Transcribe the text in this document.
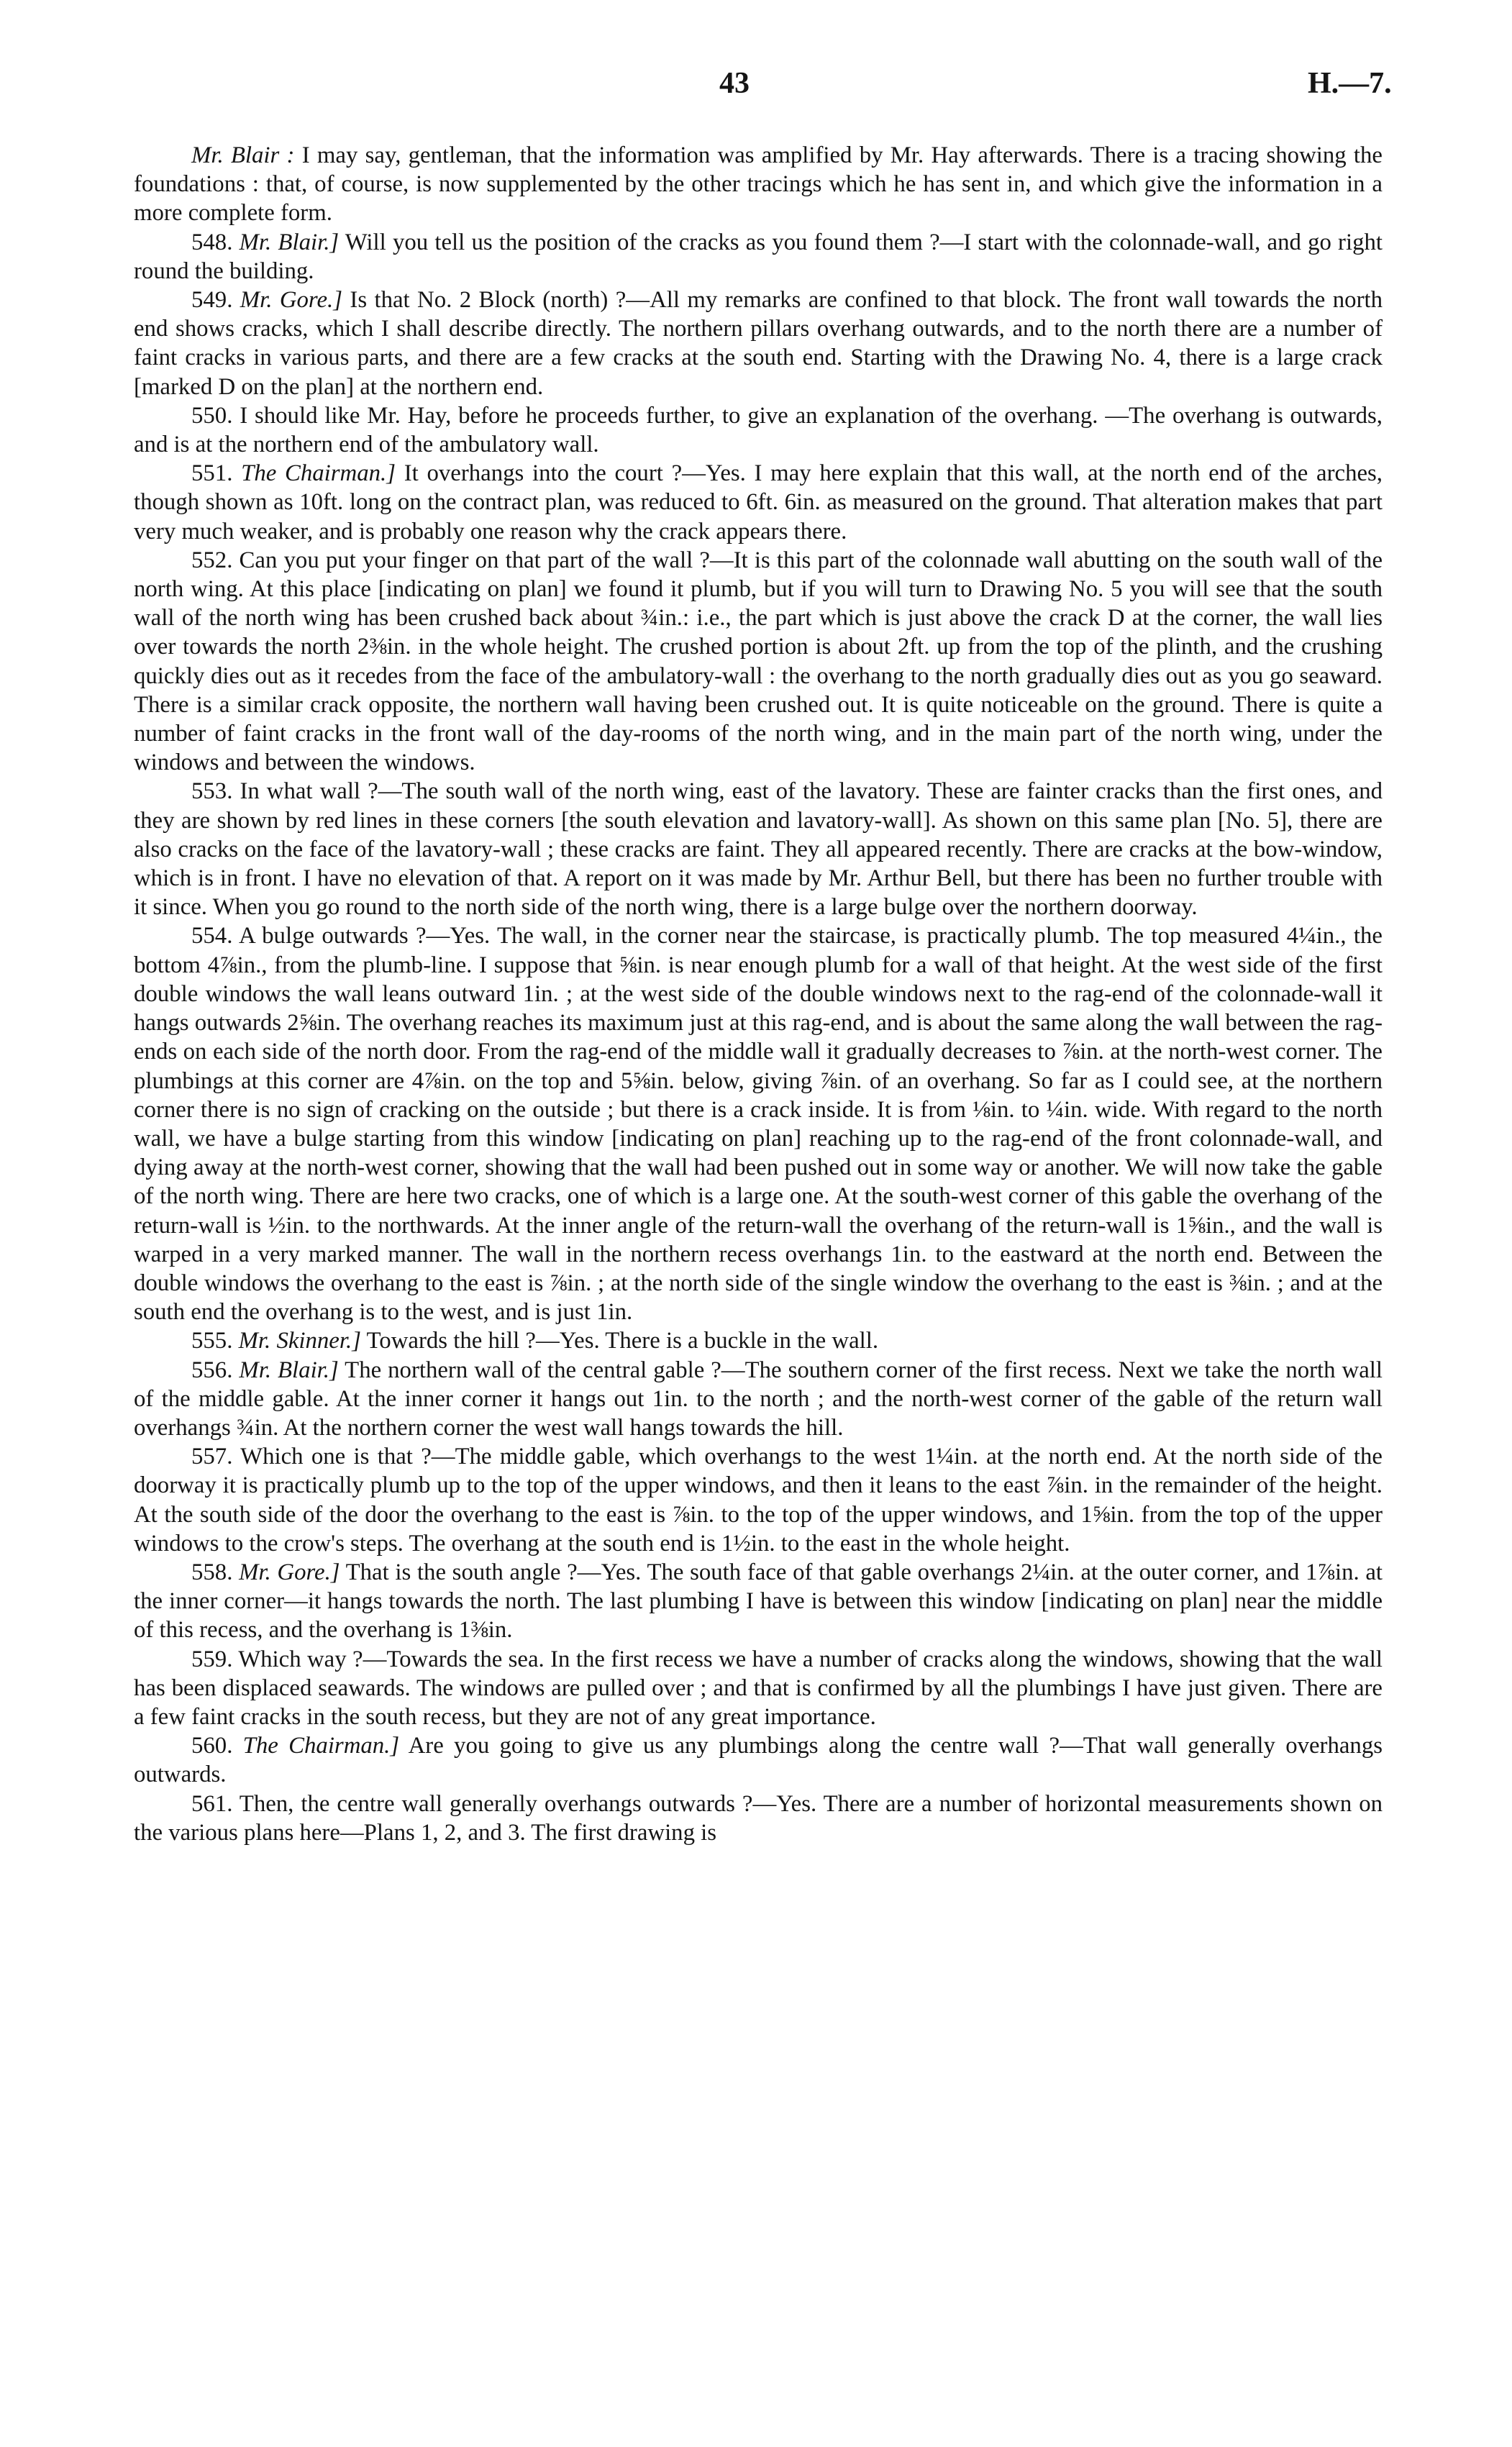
43	H.—7.

Mr. Blair : I may say, gentleman, that the information was amplified by Mr. Hay afterwards. There is a tracing showing the foundations : that, of course, is now supplemented by the other tracings which he has sent in, and which give the information in a more complete form.

548. Mr. Blair.] Will you tell us the position of the cracks as you found them ?—I start with the colonnade-wall, and go right round the building.

549. Mr. Gore.] Is that No. 2 Block (north) ?—All my remarks are confined to that block. The front wall towards the north end shows cracks, which I shall describe directly. The northern pillars overhang outwards, and to the north there are a number of faint cracks in various parts, and there are a few cracks at the south end. Starting with the Drawing No. 4, there is a large crack [marked D on the plan] at the northern end.

550. I should like Mr. Hay, before he proceeds further, to give an explanation of the overhang. —The overhang is outwards, and is at the northern end of the ambulatory wall.

551. The Chairman.] It overhangs into the court ?—Yes. I may here explain that this wall, at the north end of the arches, though shown as 10ft. long on the contract plan, was reduced to 6ft. 6in. as measured on the ground. That alteration makes that part very much weaker, and is probably one reason why the crack appears there.

552. Can you put your finger on that part of the wall ?—It is this part of the colonnade wall abutting on the south wall of the north wing. At this place [indicating on plan] we found it plumb, but if you will turn to Drawing No. 5 you will see that the south wall of the north wing has been crushed back about ¾in.: i.e., the part which is just above the crack D at the corner, the wall lies over towards the north 2⅜in. in the whole height. The crushed portion is about 2ft. up from the top of the plinth, and the crushing quickly dies out as it recedes from the face of the ambulatory-wall : the overhang to the north gradually dies out as you go seaward. There is a similar crack opposite, the northern wall having been crushed out. It is quite noticeable on the ground. There is quite a number of faint cracks in the front wall of the day-rooms of the north wing, and in the main part of the north wing, under the windows and between the windows.

553. In what wall ?—The south wall of the north wing, east of the lavatory. These are fainter cracks than the first ones, and they are shown by red lines in these corners [the south elevation and lavatory-wall]. As shown on this same plan [No. 5], there are also cracks on the face of the lavatory-wall ; these cracks are faint. They all appeared recently. There are cracks at the bow-window, which is in front. I have no elevation of that. A report on it was made by Mr. Arthur Bell, but there has been no further trouble with it since. When you go round to the north side of the north wing, there is a large bulge over the northern doorway.

554. A bulge outwards ?—Yes. The wall, in the corner near the staircase, is practically plumb. The top measured 4¼in., the bottom 4⅞in., from the plumb-line. I suppose that ⅝in. is near enough plumb for a wall of that height. At the west side of the first double windows the wall leans outward 1in. ; at the west side of the double windows next to the rag-end of the colonnade-wall it hangs outwards 2⅝in. The overhang reaches its maximum just at this rag-end, and is about the same along the wall between the rag-ends on each side of the north door. From the rag-end of the middle wall it gradually decreases to ⅞in. at the north-west corner. The plumbings at this corner are 4⅞in. on the top and 5⅝in. below, giving ⅞in. of an overhang. So far as I could see, at the northern corner there is no sign of cracking on the outside ; but there is a crack inside. It is from ⅛in. to ¼in. wide. With regard to the north wall, we have a bulge starting from this window [indicating on plan] reaching up to the rag-end of the front colonnade-wall, and dying away at the north-west corner, showing that the wall had been pushed out in some way or another. We will now take the gable of the north wing. There are here two cracks, one of which is a large one. At the south-west corner of this gable the overhang of the return-wall is ½in. to the northwards. At the inner angle of the return-wall the overhang of the return-wall is 1⅝in., and the wall is warped in a very marked manner. The wall in the northern recess overhangs 1in. to the eastward at the north end. Between the double windows the overhang to the east is ⅞in. ; at the north side of the single window the overhang to the east is ⅜in. ; and at the south end the overhang is to the west, and is just 1in.

555. Mr. Skinner.] Towards the hill ?—Yes. There is a buckle in the wall.

556. Mr. Blair.] The northern wall of the central gable ?—The southern corner of the first recess. Next we take the north wall of the middle gable. At the inner corner it hangs out 1in. to the north ; and the north-west corner of the gable of the return wall overhangs ¾in. At the northern corner the west wall hangs towards the hill.

557. Which one is that ?—The middle gable, which overhangs to the west 1¼in. at the north end. At the north side of the doorway it is practically plumb up to the top of the upper windows, and then it leans to the east ⅞in. in the remainder of the height. At the south side of the door the overhang to the east is ⅞in. to the top of the upper windows, and 1⅝in. from the top of the upper windows to the crow's steps. The overhang at the south end is 1½in. to the east in the whole height.

558. Mr. Gore.] That is the south angle ?—Yes. The south face of that gable overhangs 2¼in. at the outer corner, and 1⅞in. at the inner corner—it hangs towards the north. The last plumbing I have is between this window [indicating on plan] near the middle of this recess, and the overhang is 1⅜in.

559. Which way ?—Towards the sea. In the first recess we have a number of cracks along the windows, showing that the wall has been displaced seawards. The windows are pulled over ; and that is confirmed by all the plumbings I have just given. There are a few faint cracks in the south recess, but they are not of any great importance.

560. The Chairman.] Are you going to give us any plumbings along the centre wall ?—That wall generally overhangs outwards.

561. Then, the centre wall generally overhangs outwards ?—Yes. There are a number of horizontal measurements shown on the various plans here—Plans 1, 2, and 3. The first drawing is
